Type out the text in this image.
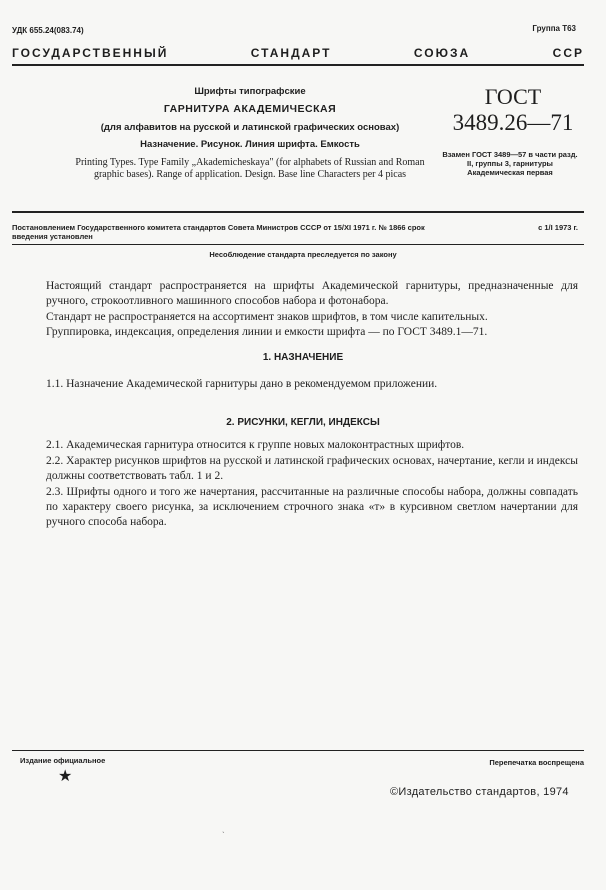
УДК 655.24(083.74)	Группа Т63
ГОСУДАРСТВЕННЫЙ СТАНДАРТ СОЮЗА ССР
Шрифты типографские
ГАРНИТУРА АКАДЕМИЧЕСКАЯ
(для алфавитов на русской и латинской графических основах)
Назначение. Рисунок. Линия шрифта. Емкость
Printing Types. Type Family „Akademicheskaya" (for alphabets of Russian and Roman graphic bases). Range of application. Design. Base line Characters per 4 picas
ГОСТ
3489.26—71
Взамен ГОСТ 3489—57 в части разд. II, группы 3, гарнитуры Академическая первая
Постановлением Государственного комитета стандартов Совета Министров СССР от 15/XI 1971 г. № 1866 срок введения установлен
с 1/I 1973 г.
Несоблюдение стандарта преследуется по закону
Настоящий стандарт распространяется на шрифты Академической гарнитуры, предназначенные для ручного, строкоотливного машинного способов набора и фотонабора.
Стандарт не распространяется на ассортимент знаков шрифтов, в том числе капительных.
Группировка, индексация, определения линии и емкости шрифта — по ГОСТ 3489.1—71.
1. НАЗНАЧЕНИЕ
1.1. Назначение Академической гарнитуры дано в рекомендуемом приложении.
2. РИСУНКИ, КЕГЛИ, ИНДЕКСЫ
2.1. Академическая гарнитура относится к группе новых малоконтрастных шрифтов.
2.2. Характер рисунков шрифтов на русской и латинской графических основах, начертание, кегли и индексы должны соответствовать табл. 1 и 2.
2.3. Шрифты одного и того же начертания, рассчитанные на различные способы набора, должны совпадать по характеру своего рисунка, за исключением строчного знака «т» в курсивном светлом начертании для ручного способа набора.
Издание официальное	Перепечатка воспрещена
★
©Издательство стандартов, 1974
ˎ
